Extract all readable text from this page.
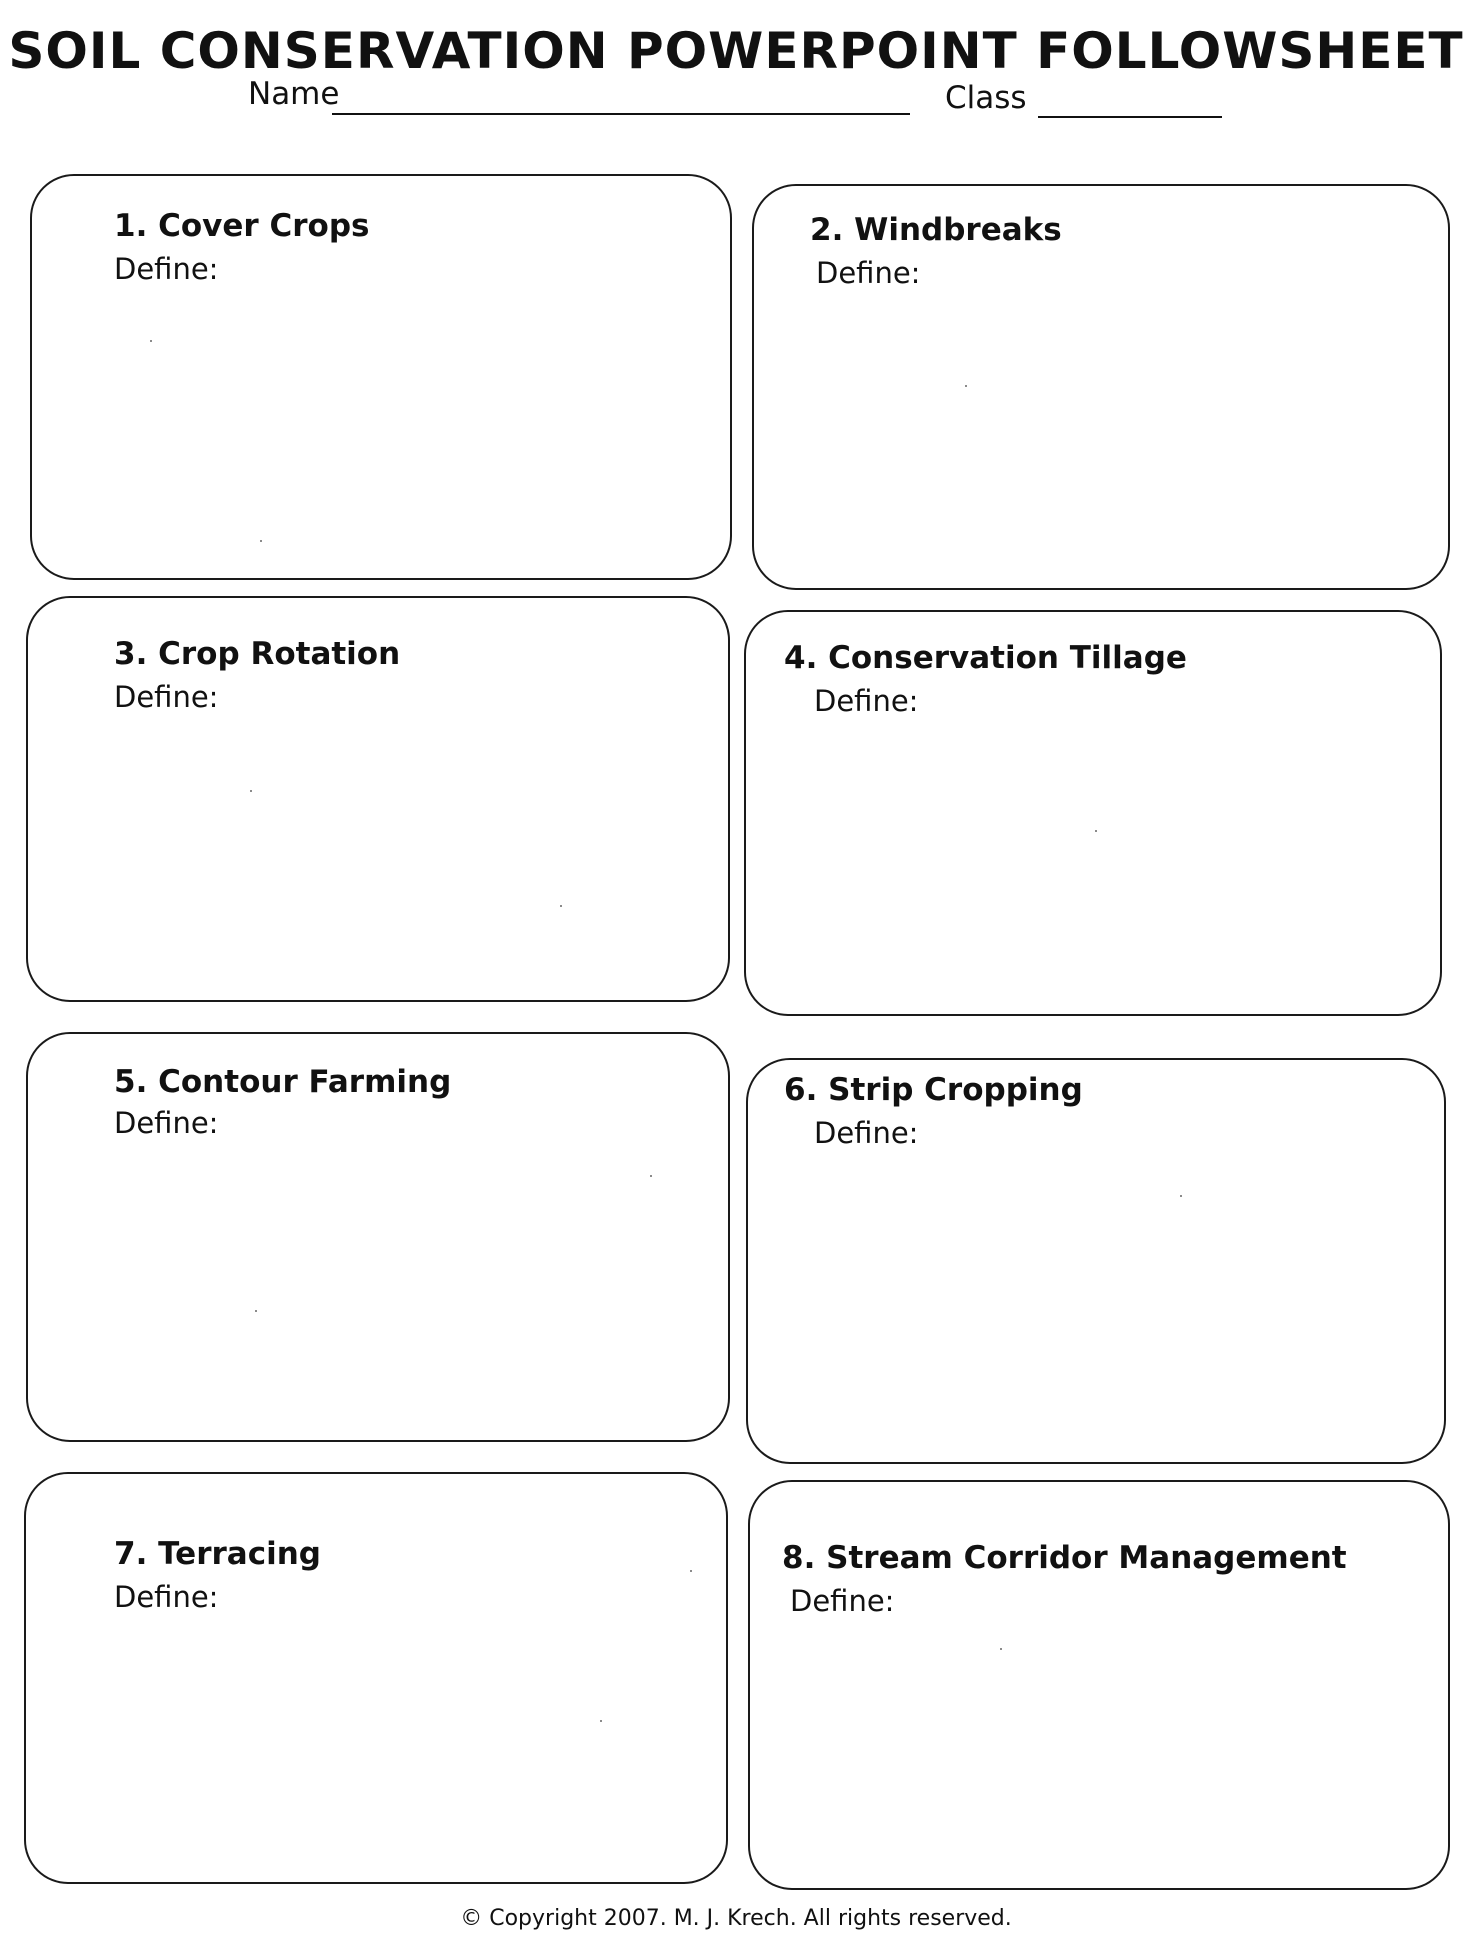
SOIL CONSERVATION POWERPOINT FOLLOWSHEET
Name	Class
1. Cover Crops
Define:
2. Windbreaks
Define:
3. Crop Rotation
Define:
4. Conservation Tillage
Define:
5. Contour Farming
Define:
6. Strip Cropping
Define:
7. Terracing
Define:
8. Stream Corridor Management
Define:
© Copyright 2007. M. J. Krech. All rights reserved.
